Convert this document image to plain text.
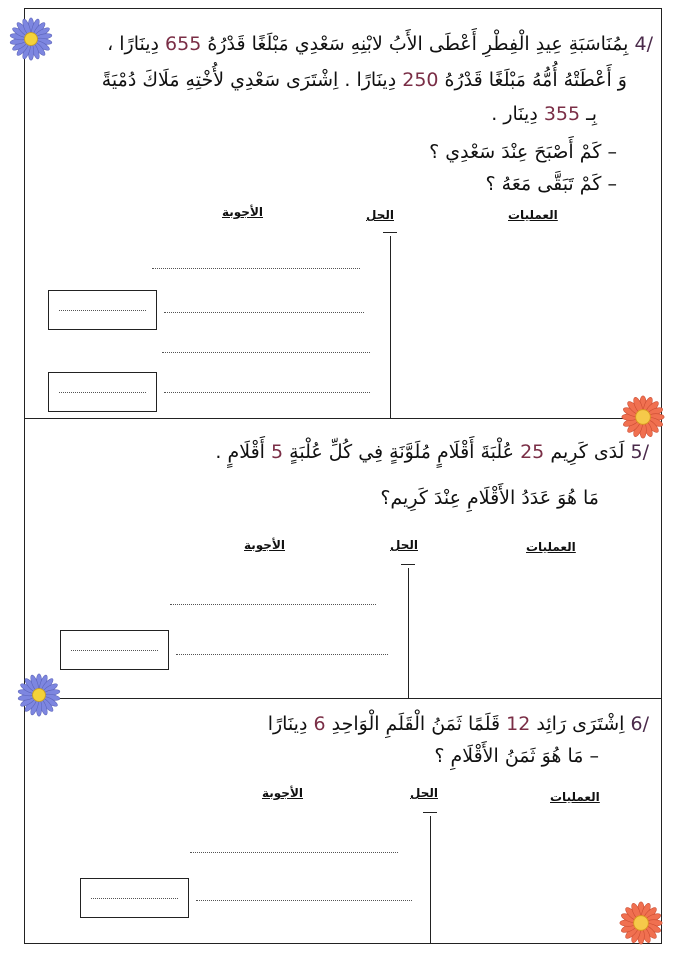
/4 بِمُنَاسَبَةِ عِيدِ الْفِطْرِ أَعْطَى الأَبُ لابْنِهِ سَعْدِي مَبْلَغًا قَدْرُهُ 655 دِينَارًا ،
وَ أَعْطَتْهُ أُمُّهُ مَبْلَغًا قَدْرُهُ 250 دِينَارًا . اِشْتَرَى سَعْدِي لأُخْتِهِ مَلَاكَ دُمْيَةً
بِـ 355 دِينَار .
– كَمْ أَصْبَحَ عِنْدَ سَعْدِي ؟
– كَمْ تَبَقَّى مَعَهُ ؟
العمليات
الحل
الأجوبة
/5 لَدَى كَرِيم 25 عُلْبَةَ أَقْلَامٍ مُلَوَّنَةٍ فِي كُلِّ عُلْبَةٍ 5 أَقْلَامٍ .
مَا هُوَ عَدَدُ الأَقْلَامِ عِنْدَ كَرِيم؟
العمليات
الحل
الأجوبة
/6 اِشْتَرَى رَائِد 12 قَلَمًا ثَمَنُ الْقَلَمِ الْوَاحِدِ 6 دِينَارًا
– مَا هُوَ ثَمَنُ الأَقْلَامِ ؟
العمليات
الحل
الأجوبة
